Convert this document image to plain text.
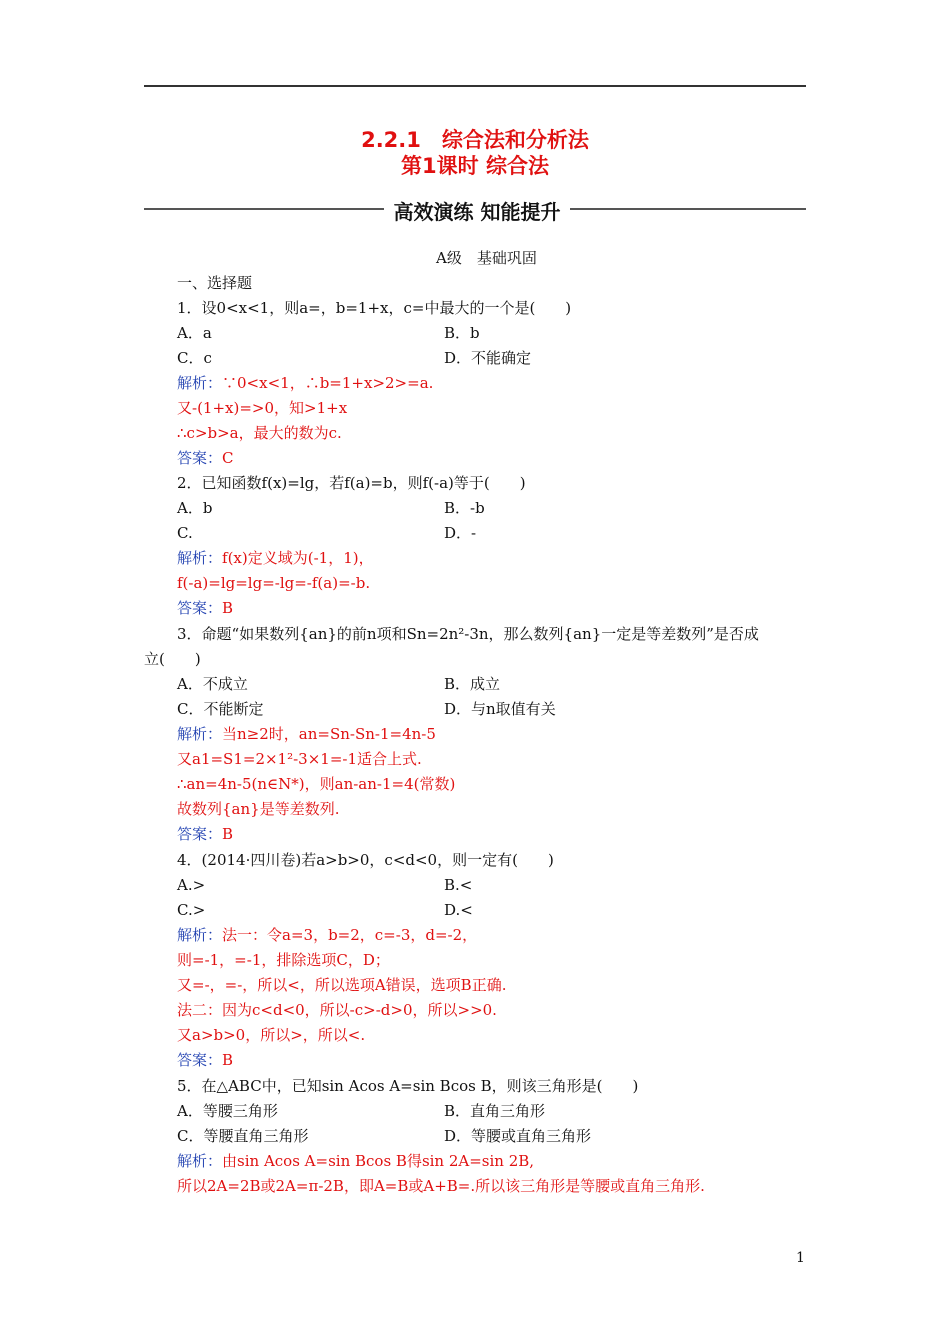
2.2.1　综合法和分析法
第1课时 综合法
高效演练 知能提升
A级　基础巩固
一、选择题
1．设0<x<1，则a=，b=1+x，c=中最大的一个是(　　)
A．a	B．b
C．c	D．不能确定
解析：∵0<x<1，∴b=1+x>2>=a.
又-(1+x)=>0，知>1+x
∴c>b>a，最大的数为c.
答案：C
2．已知函数f(x)=lg，若f(a)=b，则f(-a)等于(　　)
A．b	B．-b
C.	D．-
解析：f(x)定义域为(-1，1)，
f(-a)=lg=lg=-lg=-f(a)=-b.
答案：B
3．命题“如果数列{an}的前n项和Sn=2n²-3n，那么数列{an}一定是等差数列”是否成
立(　　)
A．不成立	B．成立
C．不能断定	D．与n取值有关
解析：当n≥2时，an=Sn-Sn-1=4n-5
又a1=S1=2×1²-3×1=-1适合上式.
∴an=4n-5(n∈N*)，则an-an-1=4(常数)
故数列{an}是等差数列.
答案：B
4．(2014·四川卷)若a>b>0，c<d<0，则一定有(　　)
A.>	B.<
C.>	D.<
解析：法一：令a=3，b=2，c=-3，d=-2，
则=-1，=-1，排除选项C，D；
又=-，=-，所以<，所以选项A错误，选项B正确.
法二：因为c<d<0，所以-c>-d>0，所以>>0.
又a>b>0，所以>，所以<.
答案：B
5．在△ABC中，已知sin Acos A=sin Bcos B，则该三角形是(　　)
A．等腰三角形	B．直角三角形
C．等腰直角三角形	D．等腰或直角三角形
解析：由sin Acos A=sin Bcos B得sin 2A=sin 2B,
所以2A=2B或2A=π-2B，即A=B或A+B=.所以该三角形是等腰或直角三角形.
1
